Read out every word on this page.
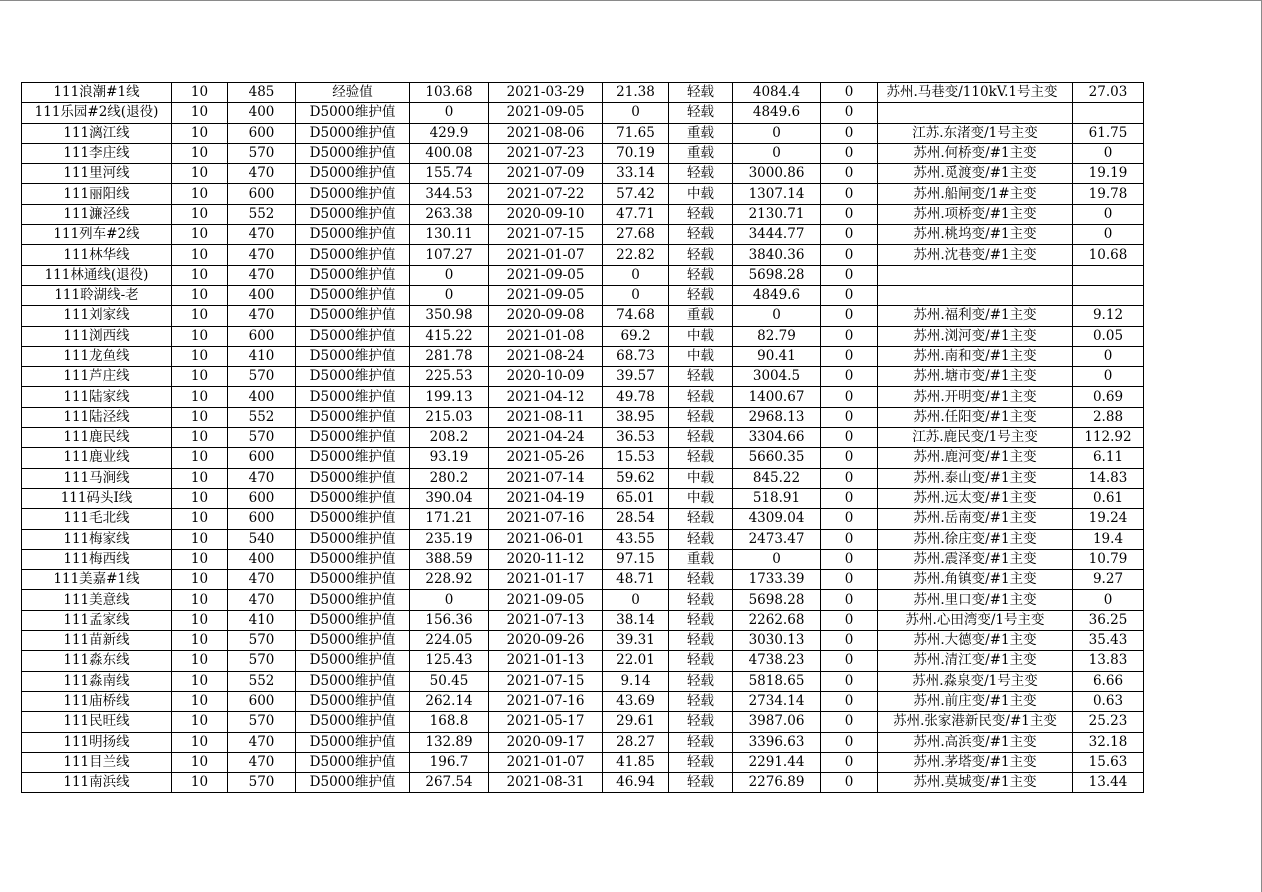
111浪潮#1线	10	485	经验值	103.68	2021-03-29	21.38	轻载	4084.4	0	苏州.马巷变/110kV.1号主变	27.03
111乐园#2线(退役)	10	400	D5000维护值	0	2021-09-05	0	轻载	4849.6	0		
111漓江线	10	600	D5000维护值	429.9	2021-08-06	71.65	重载	0	0	江苏.东渚变/1号主变	61.75
111李庄线	10	570	D5000维护值	400.08	2021-07-23	70.19	重载	0	0	苏州.何桥变/#1主变	0
111里河线	10	470	D5000维护值	155.74	2021-07-09	33.14	轻载	3000.86	0	苏州.觅渡变/#1主变	19.19
111丽阳线	10	600	D5000维护值	344.53	2021-07-22	57.42	中载	1307.14	0	苏州.船闸变/1#主变	19.78
111濂泾线	10	552	D5000维护值	263.38	2020-09-10	47.71	轻载	2130.71	0	苏州.项桥变/#1主变	0
111列车#2线	10	470	D5000维护值	130.11	2021-07-15	27.68	轻载	3444.77	0	苏州.桃坞变/#1主变	0
111林华线	10	470	D5000维护值	107.27	2021-01-07	22.82	轻载	3840.36	0	苏州.沈巷变/#1主变	10.68
111林通线(退役)	10	470	D5000维护值	0	2021-09-05	0	轻载	5698.28	0		
111聆湖线-老	10	400	D5000维护值	0	2021-09-05	0	轻载	4849.6	0		
111刘家线	10	470	D5000维护值	350.98	2020-09-08	74.68	重载	0	0	苏州.福利变/#1主变	9.12
111浏西线	10	600	D5000维护值	415.22	2021-01-08	69.2	中载	82.79	0	苏州.浏河变/#1主变	0.05
111龙鱼线	10	410	D5000维护值	281.78	2021-08-24	68.73	中载	90.41	0	苏州.南和变/#1主变	0
111芦庄线	10	570	D5000维护值	225.53	2020-10-09	39.57	轻载	3004.5	0	苏州.塘市变/#1主变	0
111陆家线	10	400	D5000维护值	199.13	2021-04-12	49.78	轻载	1400.67	0	苏州.开明变/#1主变	0.69
111陆泾线	10	552	D5000维护值	215.03	2021-08-11	38.95	轻载	2968.13	0	苏州.任阳变/#1主变	2.88
111鹿民线	10	570	D5000维护值	208.2	2021-04-24	36.53	轻载	3304.66	0	江苏.鹿民变/1号主变	112.92
111鹿业线	10	600	D5000维护值	93.19	2021-05-26	15.53	轻载	5660.35	0	苏州.鹿河变/#1主变	6.11
111马涧线	10	470	D5000维护值	280.2	2021-07-14	59.62	中载	845.22	0	苏州.泰山变/#1主变	14.83
111码头I线	10	600	D5000维护值	390.04	2021-04-19	65.01	中载	518.91	0	苏州.远太变/#1主变	0.61
111毛北线	10	600	D5000维护值	171.21	2021-07-16	28.54	轻载	4309.04	0	苏州.岳南变/#1主变	19.24
111梅家线	10	540	D5000维护值	235.19	2021-06-01	43.55	轻载	2473.47	0	苏州.徐庄变/#1主变	19.4
111梅西线	10	400	D5000维护值	388.59	2020-11-12	97.15	重载	0	0	苏州.震泽变/#1主变	10.79
111美嘉#1线	10	470	D5000维护值	228.92	2021-01-17	48.71	轻载	1733.39	0	苏州.角镇变/#1主变	9.27
111美意线	10	470	D5000维护值	0	2021-09-05	0	轻载	5698.28	0	苏州.里口变/#1主变	0
111孟家线	10	410	D5000维护值	156.36	2021-07-13	38.14	轻载	2262.68	0	苏州.心田湾变/1号主变	36.25
111苗新线	10	570	D5000维护值	224.05	2020-09-26	39.31	轻载	3030.13	0	苏州.大德变/#1主变	35.43
111淼东线	10	570	D5000维护值	125.43	2021-01-13	22.01	轻载	4738.23	0	苏州.清江变/#1主变	13.83
111淼南线	10	552	D5000维护值	50.45	2021-07-15	9.14	轻载	5818.65	0	苏州.淼泉变/1号主变	6.66
111庙桥线	10	600	D5000维护值	262.14	2021-07-16	43.69	轻载	2734.14	0	苏州.前庄变/#1主变	0.63
111民旺线	10	570	D5000维护值	168.8	2021-05-17	29.61	轻载	3987.06	0	苏州.张家港新民变/#1主变	25.23
111明扬线	10	470	D5000维护值	132.89	2020-09-17	28.27	轻载	3396.63	0	苏州.高浜变/#1主变	32.18
111目兰线	10	470	D5000维护值	196.7	2021-01-07	41.85	轻载	2291.44	0	苏州.茅塔变/#1主变	15.63
111南浜线	10	570	D5000维护值	267.54	2021-08-31	46.94	轻载	2276.89	0	苏州.莫城变/#1主变	13.44
